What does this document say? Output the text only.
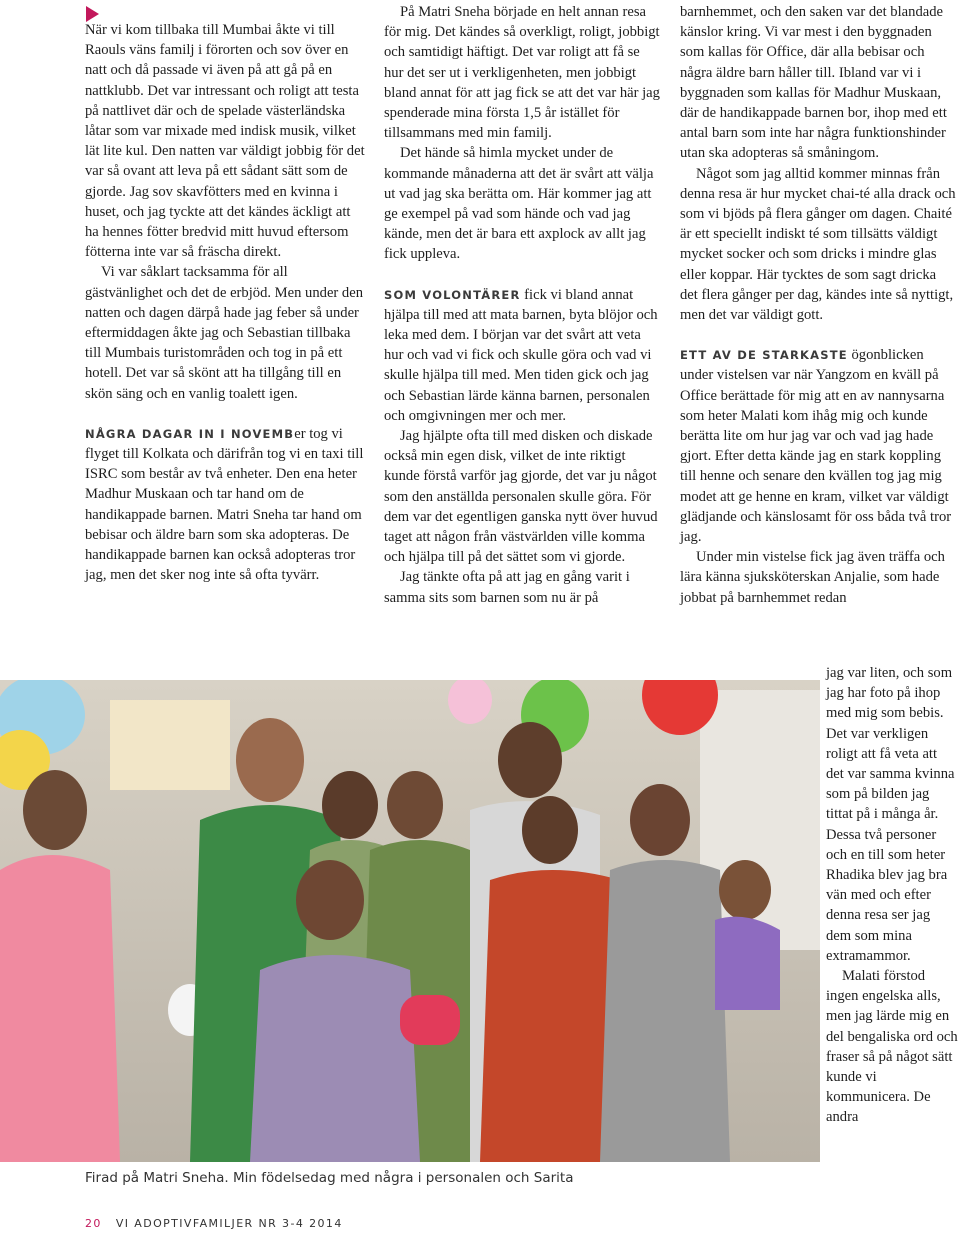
När vi kom tillbaka till Mumbai åkte vi till Raouls väns familj i förorten och sov över en natt och då passade vi även på att gå på en nattklubb. Det var intressant och roligt att testa på nattlivet där och de spelade västerländska låtar som var mixade med indisk musik, vilket lät lite kul. Den natten var väldigt jobbig för det var så ovant att leva på ett sådant sätt som de gjorde. Jag sov skavfötters med en kvinna i huset, och jag tyckte att det kändes äckligt att ha hennes fötter bredvid mitt huvud eftersom fötterna inte var så fräscha direkt.

Vi var såklart tacksamma för all gästvänlighet och det de erbjöd. Men under den natten och dagen därpå hade jag feber så under eftermiddagen åkte jag och Sebastian tillbaka till Mumbais turistområden och tog in på ett hotell. Det var så skönt att ha tillgång till en skön säng och en vanlig toalett igen.

NÅGRA DAGAR IN I NOVEMBer tog vi flyget till Kolkata och därifrån tog vi en taxi till ISRC som består av två enheter. Den ena heter Madhur Muskaan och tar hand om de handikappade barnen. Matri Sneha tar hand om bebisar och äldre barn som ska adopteras. De handikappade barnen kan också adopteras tror jag, men det sker nog inte så ofta tyvärr.

På Matri Sneha började en helt annan resa för mig. Det kändes så overkligt, roligt, jobbigt och samtidigt häftigt. Det var roligt att få se hur det ser ut i verkligenheten, men jobbigt bland annat för att jag fick se att det var här jag spenderade mina första 1,5 år istället för tillsammans med min familj.

Det hände så himla mycket under de kommande månaderna att det är svårt att välja ut vad jag ska berätta om. Här kommer jag att ge exempel på vad som hände och vad jag kände, men det är bara ett axplock av allt jag fick uppleva.

SOM VOLONTÄRER fick vi bland annat hjälpa till med att mata barnen, byta blöjor och leka med dem. I början var det svårt att veta hur och vad vi fick och skulle göra och vad vi skulle hjälpa till med. Men tiden gick och jag och Sebastian lärde känna barnen, personalen och omgivningen mer och mer.

Jag hjälpte ofta till med disken och diskade också min egen disk, vilket de inte riktigt kunde förstå varför jag gjorde, det var ju något som den anställda personalen skulle göra. För dem var det egentligen ganska nytt över huvud taget att någon från västvärlden ville komma och hjälpa till på det sättet som vi gjorde.

Jag tänkte ofta på att jag en gång varit i samma sits som barnen som nu är på

barnhemmet, och den saken var det blandade känslor kring. Vi var mest i den byggnaden som kallas för Office, där alla bebisar och några äldre barn håller till. Ibland var vi i byggnaden som kallas för Madhur Muskaan, där de handikappade barnen bor, ihop med ett antal barn som inte har några funktionshinder utan ska adopteras så småningom.

Något som jag alltid kommer minnas från denna resa är hur mycket chai-té alla drack och som vi bjöds på flera gånger om dagen. Chaité är ett speciellt indiskt té som tillsätts väldigt mycket socker och som dricks i mindre glas eller koppar. Här tycktes de som sagt dricka det flera gånger per dag, kändes inte så nyttigt, men det var väldigt gott.

ETT AV DE STARKASTE ögonblicken under vistelsen var när Yangzom en kväll på Office berättade för mig att en av nannysarna som heter Malati kom ihåg mig och kunde berätta lite om hur jag var och vad jag hade gjort. Efter detta kände jag en stark koppling till henne och senare den kvällen tog jag mig modet att ge henne en kram, vilket var väldigt glädjande och känslosamt för oss båda två tror jag.

Under min vistelse fick jag även träffa och lära känna sjuksköterskan Anjalie, som hade jobbat på barnhemmet redan

jag var liten, och som jag har foto på ihop med mig som bebis. Det var verkligen roligt att få veta att det var samma kvinna som på bilden jag tittat på i många år. Dessa två personer och en till som heter Rhadika blev jag bra vän med och efter denna resa ser jag dem som mina extramammor.

Malati förstod ingen engelska alls, men jag lärde mig en del bengaliska ord och fraser så på något sätt kunde vi kommunicera. De andra

Firad på Matri Sneha. Min födelsedag med några i personalen och Sarita
20 VI ADOPTIVFAMILJER NR 3-4 2014
